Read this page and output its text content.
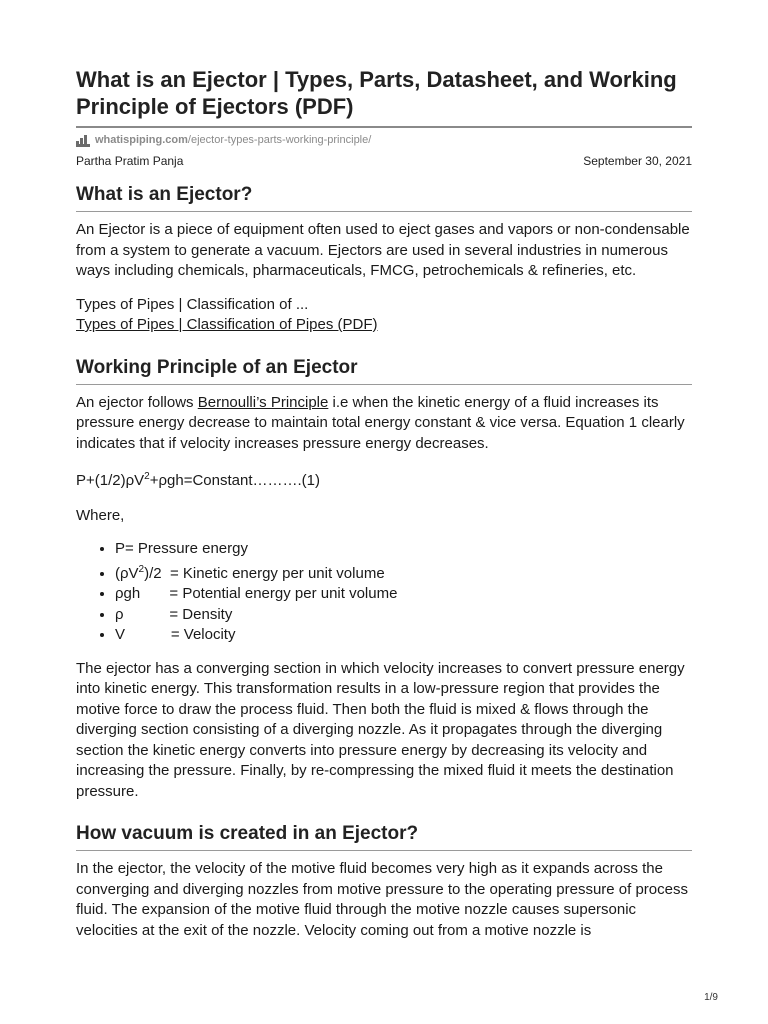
What is an Ejector | Types, Parts, Datasheet, and Working Principle of Ejectors (PDF)
whatispiping.com/ejector-types-parts-working-principle/
Partha Pratim Panja	September 30, 2021
What is an Ejector?

An Ejector is a piece of equipment often used to eject gases and vapors or non-condensable from a system to generate a vacuum. Ejectors are used in several industries in numerous ways including chemicals, pharmaceuticals, FMCG, petrochemicals & refineries, etc.

Types of Pipes | Classification of ...

Types of Pipes | Classification of Pipes (PDF)

Working Principle of an Ejector

An ejector follows Bernoulli’s Principle i.e when the kinetic energy of a fluid increases its pressure energy decrease to maintain total energy constant & vice versa. Equation 1 clearly indicates that if velocity increases pressure energy decreases.

$P+(1/2)\rho V^2+\rho gh=Constant\dots\dots\dots.(1)$

Where,

• P= Pressure energy
• $(\rho V^2)/2$  = Kinetic energy per unit volume
• ρgh       = Potential energy per unit volume
• ρ           = Density
• V           = Velocity

The ejector has a converging section in which velocity increases to convert pressure energy into kinetic energy. This transformation results in a low-pressure region that provides the motive force to draw the process fluid. Then both the fluid is mixed & flows through the diverging section consisting of a diverging nozzle. As it propagates through the diverging section the kinetic energy converts into pressure energy by decreasing its velocity and increasing the pressure. Finally, by re-compressing the mixed fluid it meets the destination pressure.

How vacuum is created in an Ejector?

In the ejector, the velocity of the motive fluid becomes very high as it expands across the converging and diverging nozzles from motive pressure to the operating pressure of process fluid. The expansion of the motive fluid through the motive nozzle causes supersonic velocities at the exit of the nozzle. Velocity coming out from a motive nozzle is

1/9
